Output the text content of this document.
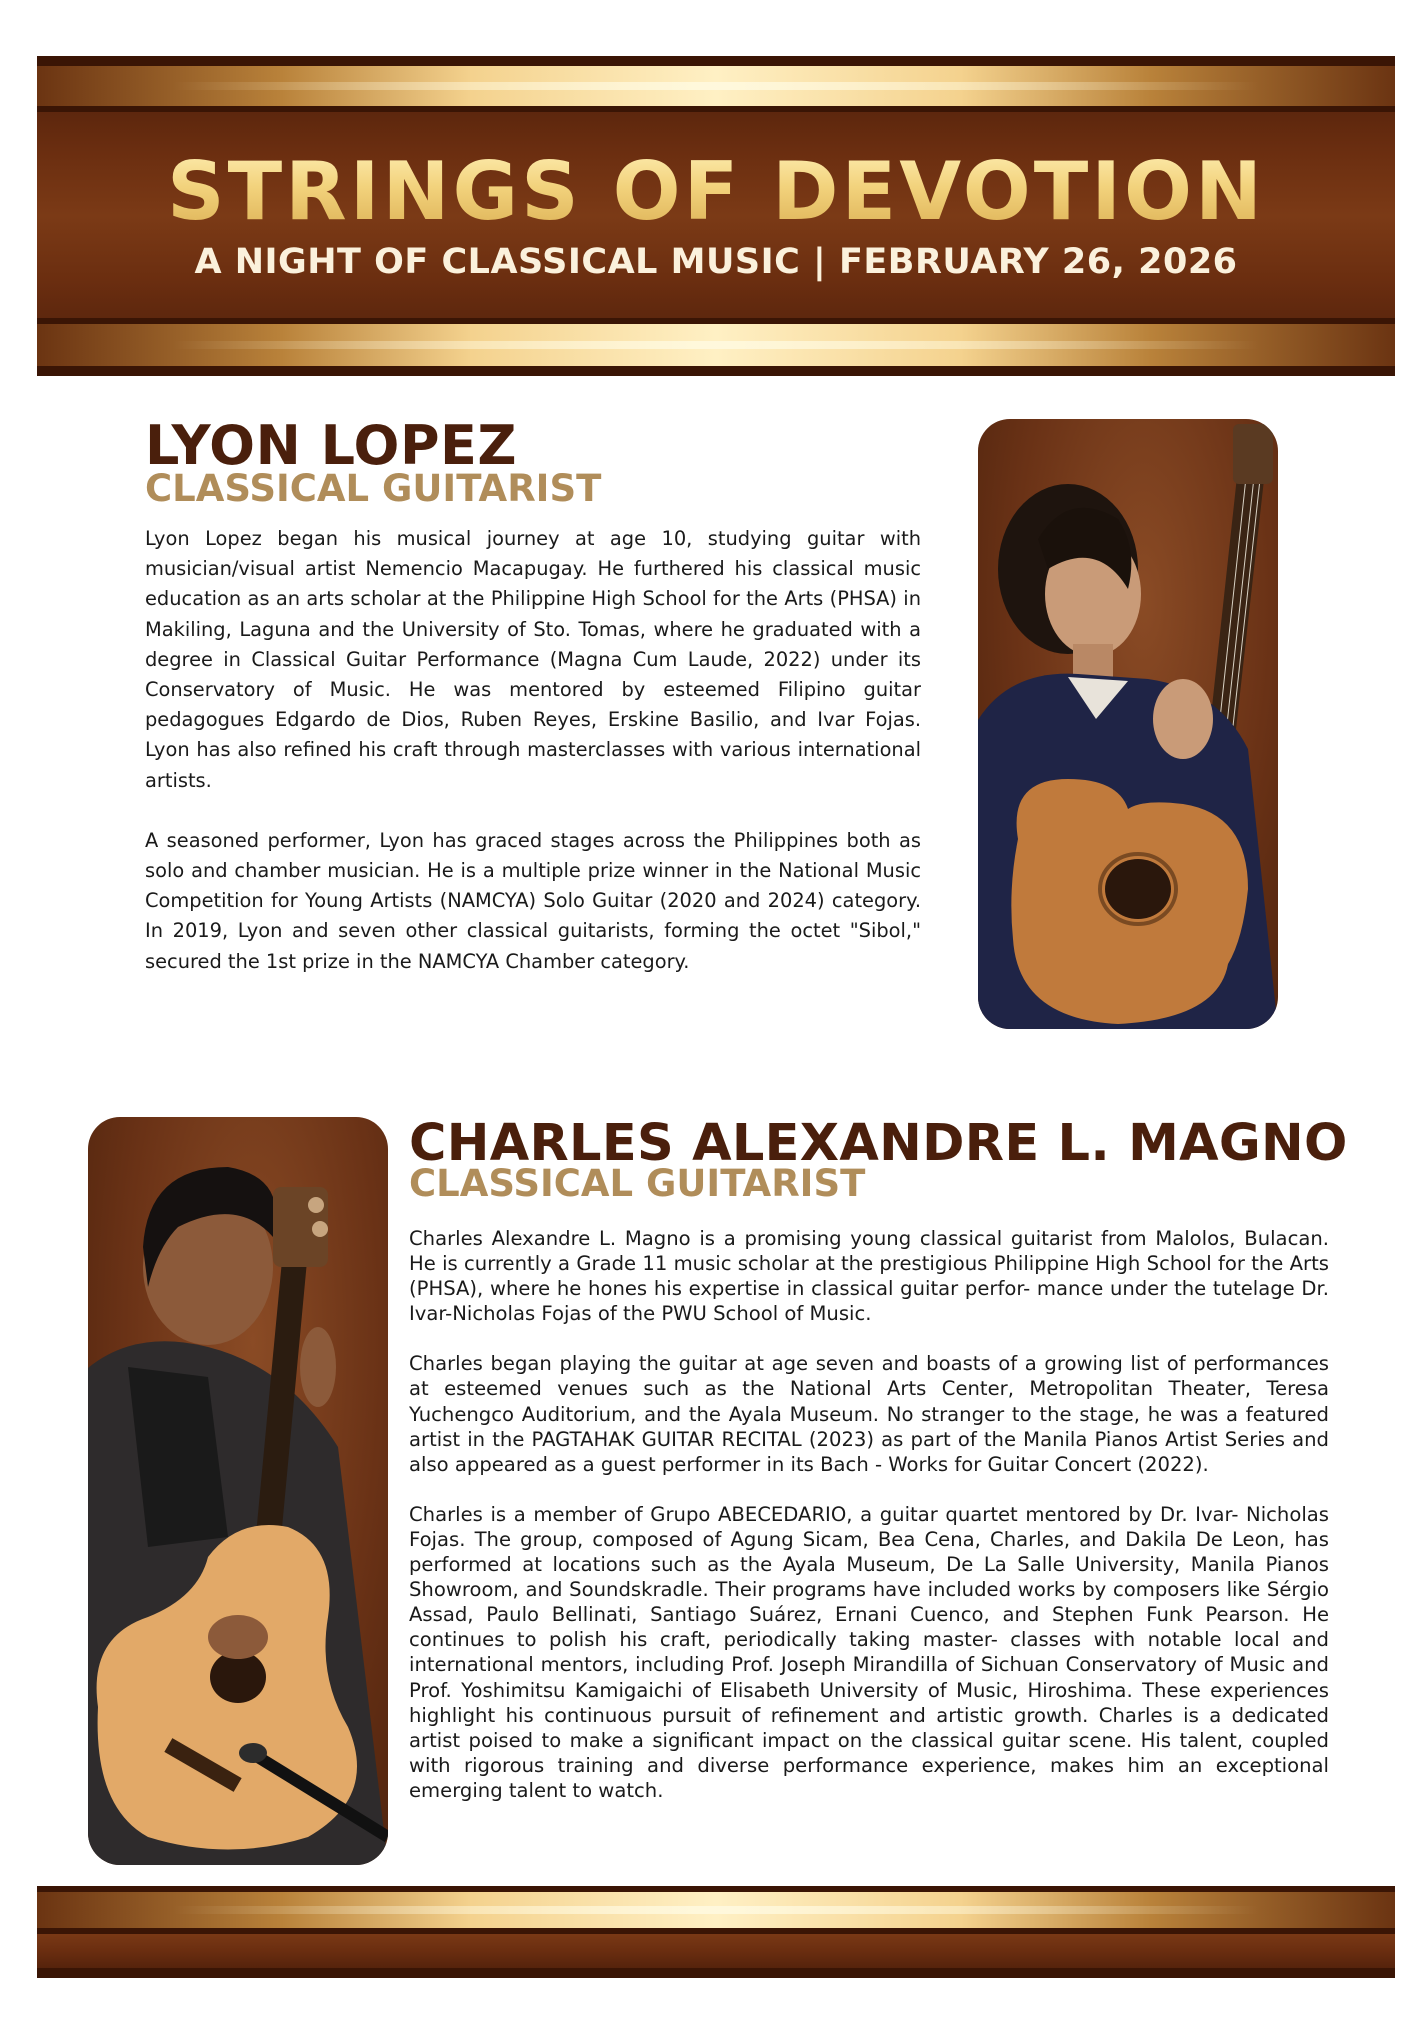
STRINGS OF DEVOTION
A NIGHT OF CLASSICAL MUSIC | FEBRUARY 26, 2026
LYON LOPEZ
CLASSICAL GUITARIST

Lyon Lopez began his musical journey at age 10, studying guitar with musician/visual artist Nemencio Macapugay. He furthered his classical music education as an arts scholar at the Philippine High School for the Arts (PHSA) in Makiling, Laguna and the University of Sto. Tomas, where he graduated with a degree in Classical Guitar Performance (Magna Cum Laude, 2022) under its Conservatory of Music. He was mentored by esteemed Filipino guitar pedagogues Edgardo de Dios, Ruben Reyes, Erskine Basilio, and Ivar Fojas. Lyon has also refined his craft through masterclasses with various international artists.

A seasoned performer, Lyon has graced stages across the Philippines both as solo and chamber musician. He is a multiple prize winner in the National Music Competition for Young Artists (NAMCYA) Solo Guitar (2020 and 2024) category. In 2019, Lyon and seven other classical guitarists, forming the octet "Sibol," secured the 1st prize in the NAMCYA Chamber category.

CHARLES ALEXANDRE L. MAGNO
CLASSICAL GUITARIST

Charles Alexandre L. Magno is a promising young classical guitarist from Malolos, Bulacan. He is currently a Grade 11 music scholar at the prestigious Philippine High School for the Arts (PHSA), where he hones his expertise in classical guitar perfor- mance under the tutelage Dr. Ivar-Nicholas Fojas of the PWU School of Music.

Charles began playing the guitar at age seven and boasts of a growing list of performances at esteemed venues such as the National Arts Center, Metropolitan Theater, Teresa Yuchengco Auditorium, and the Ayala Museum. No stranger to the stage, he was a featured artist in the PAGTAHAK GUITAR RECITAL (2023) as part of the Manila Pianos Artist Series and also appeared as a guest performer in its Bach - Works for Guitar Concert (2022).

Charles is a member of Grupo ABECEDARIO, a guitar quartet mentored by Dr. Ivar- Nicholas Fojas. The group, composed of Agung Sicam, Bea Cena, Charles, and Dakila De Leon, has performed at locations such as the Ayala Museum, De La Salle University, Manila Pianos Showroom, and Soundskradle. Their programs have included works by composers like Sérgio Assad, Paulo Bellinati, Santiago Suárez, Ernani Cuenco, and Stephen Funk Pearson. He continues to polish his craft, periodically taking master- classes with notable local and international mentors, including Prof. Joseph Mirandilla of Sichuan Conservatory of Music and Prof. Yoshimitsu Kamigaichi of Elisabeth University of Music, Hiroshima. These experiences highlight his continuous pursuit of refinement and artistic growth. Charles is a dedicated artist poised to make a significant impact on the classical guitar scene. His talent, coupled with rigorous training and diverse performance experience, makes him an exceptional emerging talent to watch.
